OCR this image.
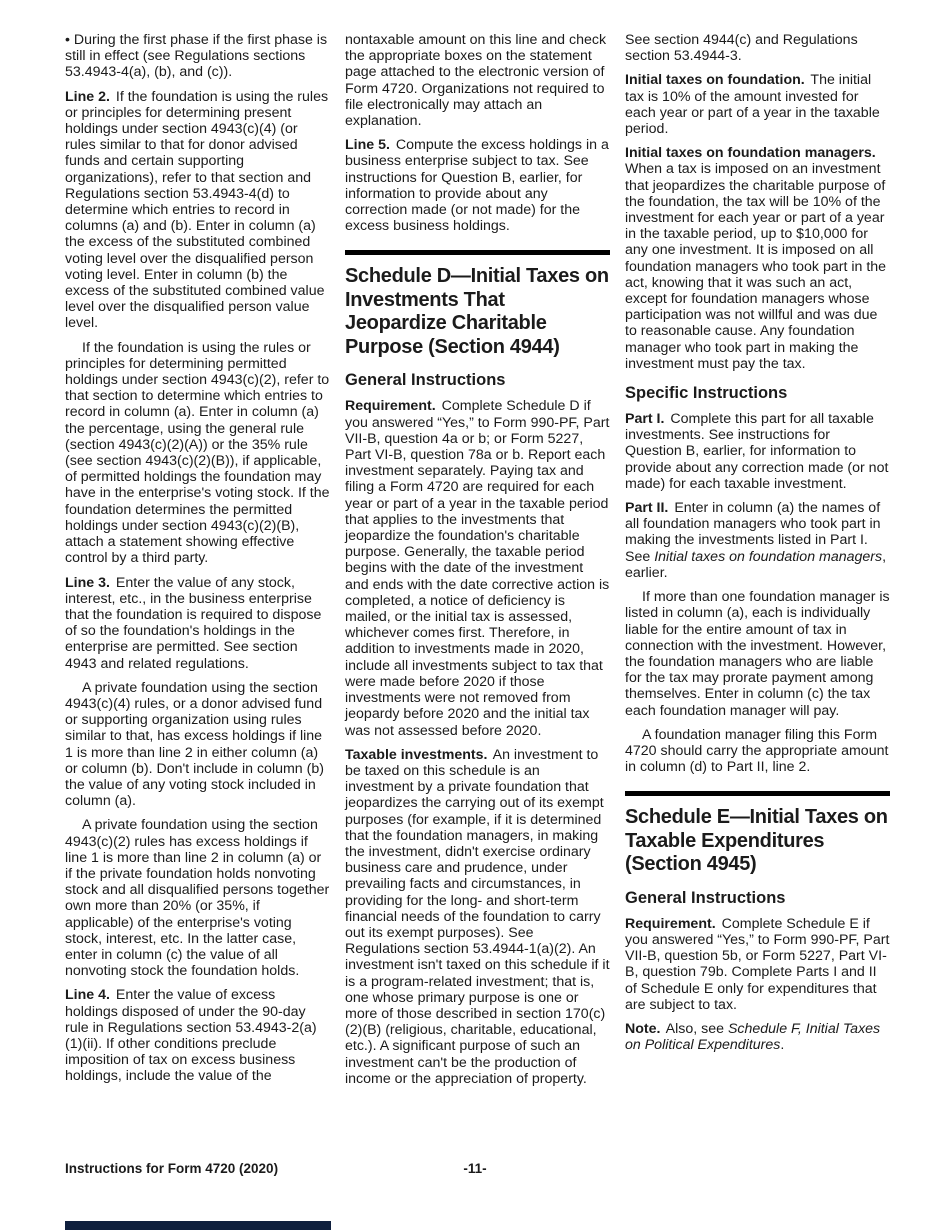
• During the first phase if the first phase is still in effect (see Regulations sections 53.4943-4(a), (b), and (c)).
Line 2. If the foundation is using the rules or principles for determining present holdings under section 4943(c)(4) (or rules similar to that for donor advised funds and certain supporting organizations), refer to that section and Regulations section 53.4943-4(d) to determine which entries to record in columns (a) and (b). Enter in column (a) the excess of the substituted combined voting level over the disqualified person voting level. Enter in column (b) the excess of the substituted combined value level over the disqualified person value level.
If the foundation is using the rules or principles for determining permitted holdings under section 4943(c)(2), refer to that section to determine which entries to record in column (a). Enter in column (a) the percentage, using the general rule (section 4943(c)(2)(A)) or the 35% rule (see section 4943(c)(2)(B)), if applicable, of permitted holdings the foundation may have in the enterprise's voting stock. If the foundation determines the permitted holdings under section 4943(c)(2)(B), attach a statement showing effective control by a third party.
Line 3. Enter the value of any stock, interest, etc., in the business enterprise that the foundation is required to dispose of so the foundation's holdings in the enterprise are permitted. See section 4943 and related regulations.
A private foundation using the section 4943(c)(4) rules, or a donor advised fund or supporting organization using rules similar to that, has excess holdings if line 1 is more than line 2 in either column (a) or column (b). Don't include in column (b) the value of any voting stock included in column (a).
A private foundation using the section 4943(c)(2) rules has excess holdings if line 1 is more than line 2 in column (a) or if the private foundation holds nonvoting stock and all disqualified persons together own more than 20% (or 35%, if applicable) of the enterprise's voting stock, interest, etc. In the latter case, enter in column (c) the value of all nonvoting stock the foundation holds.
Line 4. Enter the value of excess holdings disposed of under the 90-day rule in Regulations section 53.4943-2(a)(1)(ii). If other conditions preclude imposition of tax on excess business holdings, include the value of the
nontaxable amount on this line and check the appropriate boxes on the statement page attached to the electronic version of Form 4720. Organizations not required to file electronically may attach an explanation.
Line 5. Compute the excess holdings in a business enterprise subject to tax. See instructions for Question B, earlier, for information to provide about any correction made (or not made) for the excess business holdings.
Schedule D—Initial Taxes on Investments That Jeopardize Charitable Purpose (Section 4944)
General Instructions
Requirement. Complete Schedule D if you answered “Yes,” to Form 990-PF, Part VII-B, question 4a or b; or Form 5227, Part VI-B, question 78a or b. Report each investment separately. Paying tax and filing a Form 4720 are required for each year or part of a year in the taxable period that applies to the investments that jeopardize the foundation's charitable purpose. Generally, the taxable period begins with the date of the investment and ends with the date corrective action is completed, a notice of deficiency is mailed, or the initial tax is assessed, whichever comes first. Therefore, in addition to investments made in 2020, include all investments subject to tax that were made before 2020 if those investments were not removed from jeopardy before 2020 and the initial tax was not assessed before 2020.
Taxable investments. An investment to be taxed on this schedule is an investment by a private foundation that jeopardizes the carrying out of its exempt purposes (for example, if it is determined that the foundation managers, in making the investment, didn't exercise ordinary business care and prudence, under prevailing facts and circumstances, in providing for the long- and short-term financial needs of the foundation to carry out its exempt purposes). See Regulations section 53.4944-1(a)(2). An investment isn't taxed on this schedule if it is a program-related investment; that is, one whose primary purpose is one or more of those described in section 170(c)(2)(B) (religious, charitable, educational, etc.). A significant purpose of such an investment can't be the production of income or the appreciation of property.
See section 4944(c) and Regulations section 53.4944-3.
Initial taxes on foundation. The initial tax is 10% of the amount invested for each year or part of a year in the taxable period.
Initial taxes on foundation managers. When a tax is imposed on an investment that jeopardizes the charitable purpose of the foundation, the tax will be 10% of the investment for each year or part of a year in the taxable period, up to $10,000 for any one investment. It is imposed on all foundation managers who took part in the act, knowing that it was such an act, except for foundation managers whose participation was not willful and was due to reasonable cause. Any foundation manager who took part in making the investment must pay the tax.
Specific Instructions
Part I. Complete this part for all taxable investments. See instructions for Question B, earlier, for information to provide about any correction made (or not made) for each taxable investment.
Part II. Enter in column (a) the names of all foundation managers who took part in making the investments listed in Part I. See Initial taxes on foundation managers, earlier.
If more than one foundation manager is listed in column (a), each is individually liable for the entire amount of tax in connection with the investment. However, the foundation managers who are liable for the tax may prorate payment among themselves. Enter in column (c) the tax each foundation manager will pay.
A foundation manager filing this Form 4720 should carry the appropriate amount in column (d) to Part II, line 2.
Schedule E—Initial Taxes on Taxable Expenditures (Section 4945)
General Instructions
Requirement. Complete Schedule E if you answered “Yes,” to Form 990-PF, Part VII-B, question 5b, or Form 5227, Part VI-B, question 79b. Complete Parts I and II of Schedule E only for expenditures that are subject to tax.
Note. Also, see Schedule F, Initial Taxes on Political Expenditures.
Instructions for Form 4720 (2020)	-11-
